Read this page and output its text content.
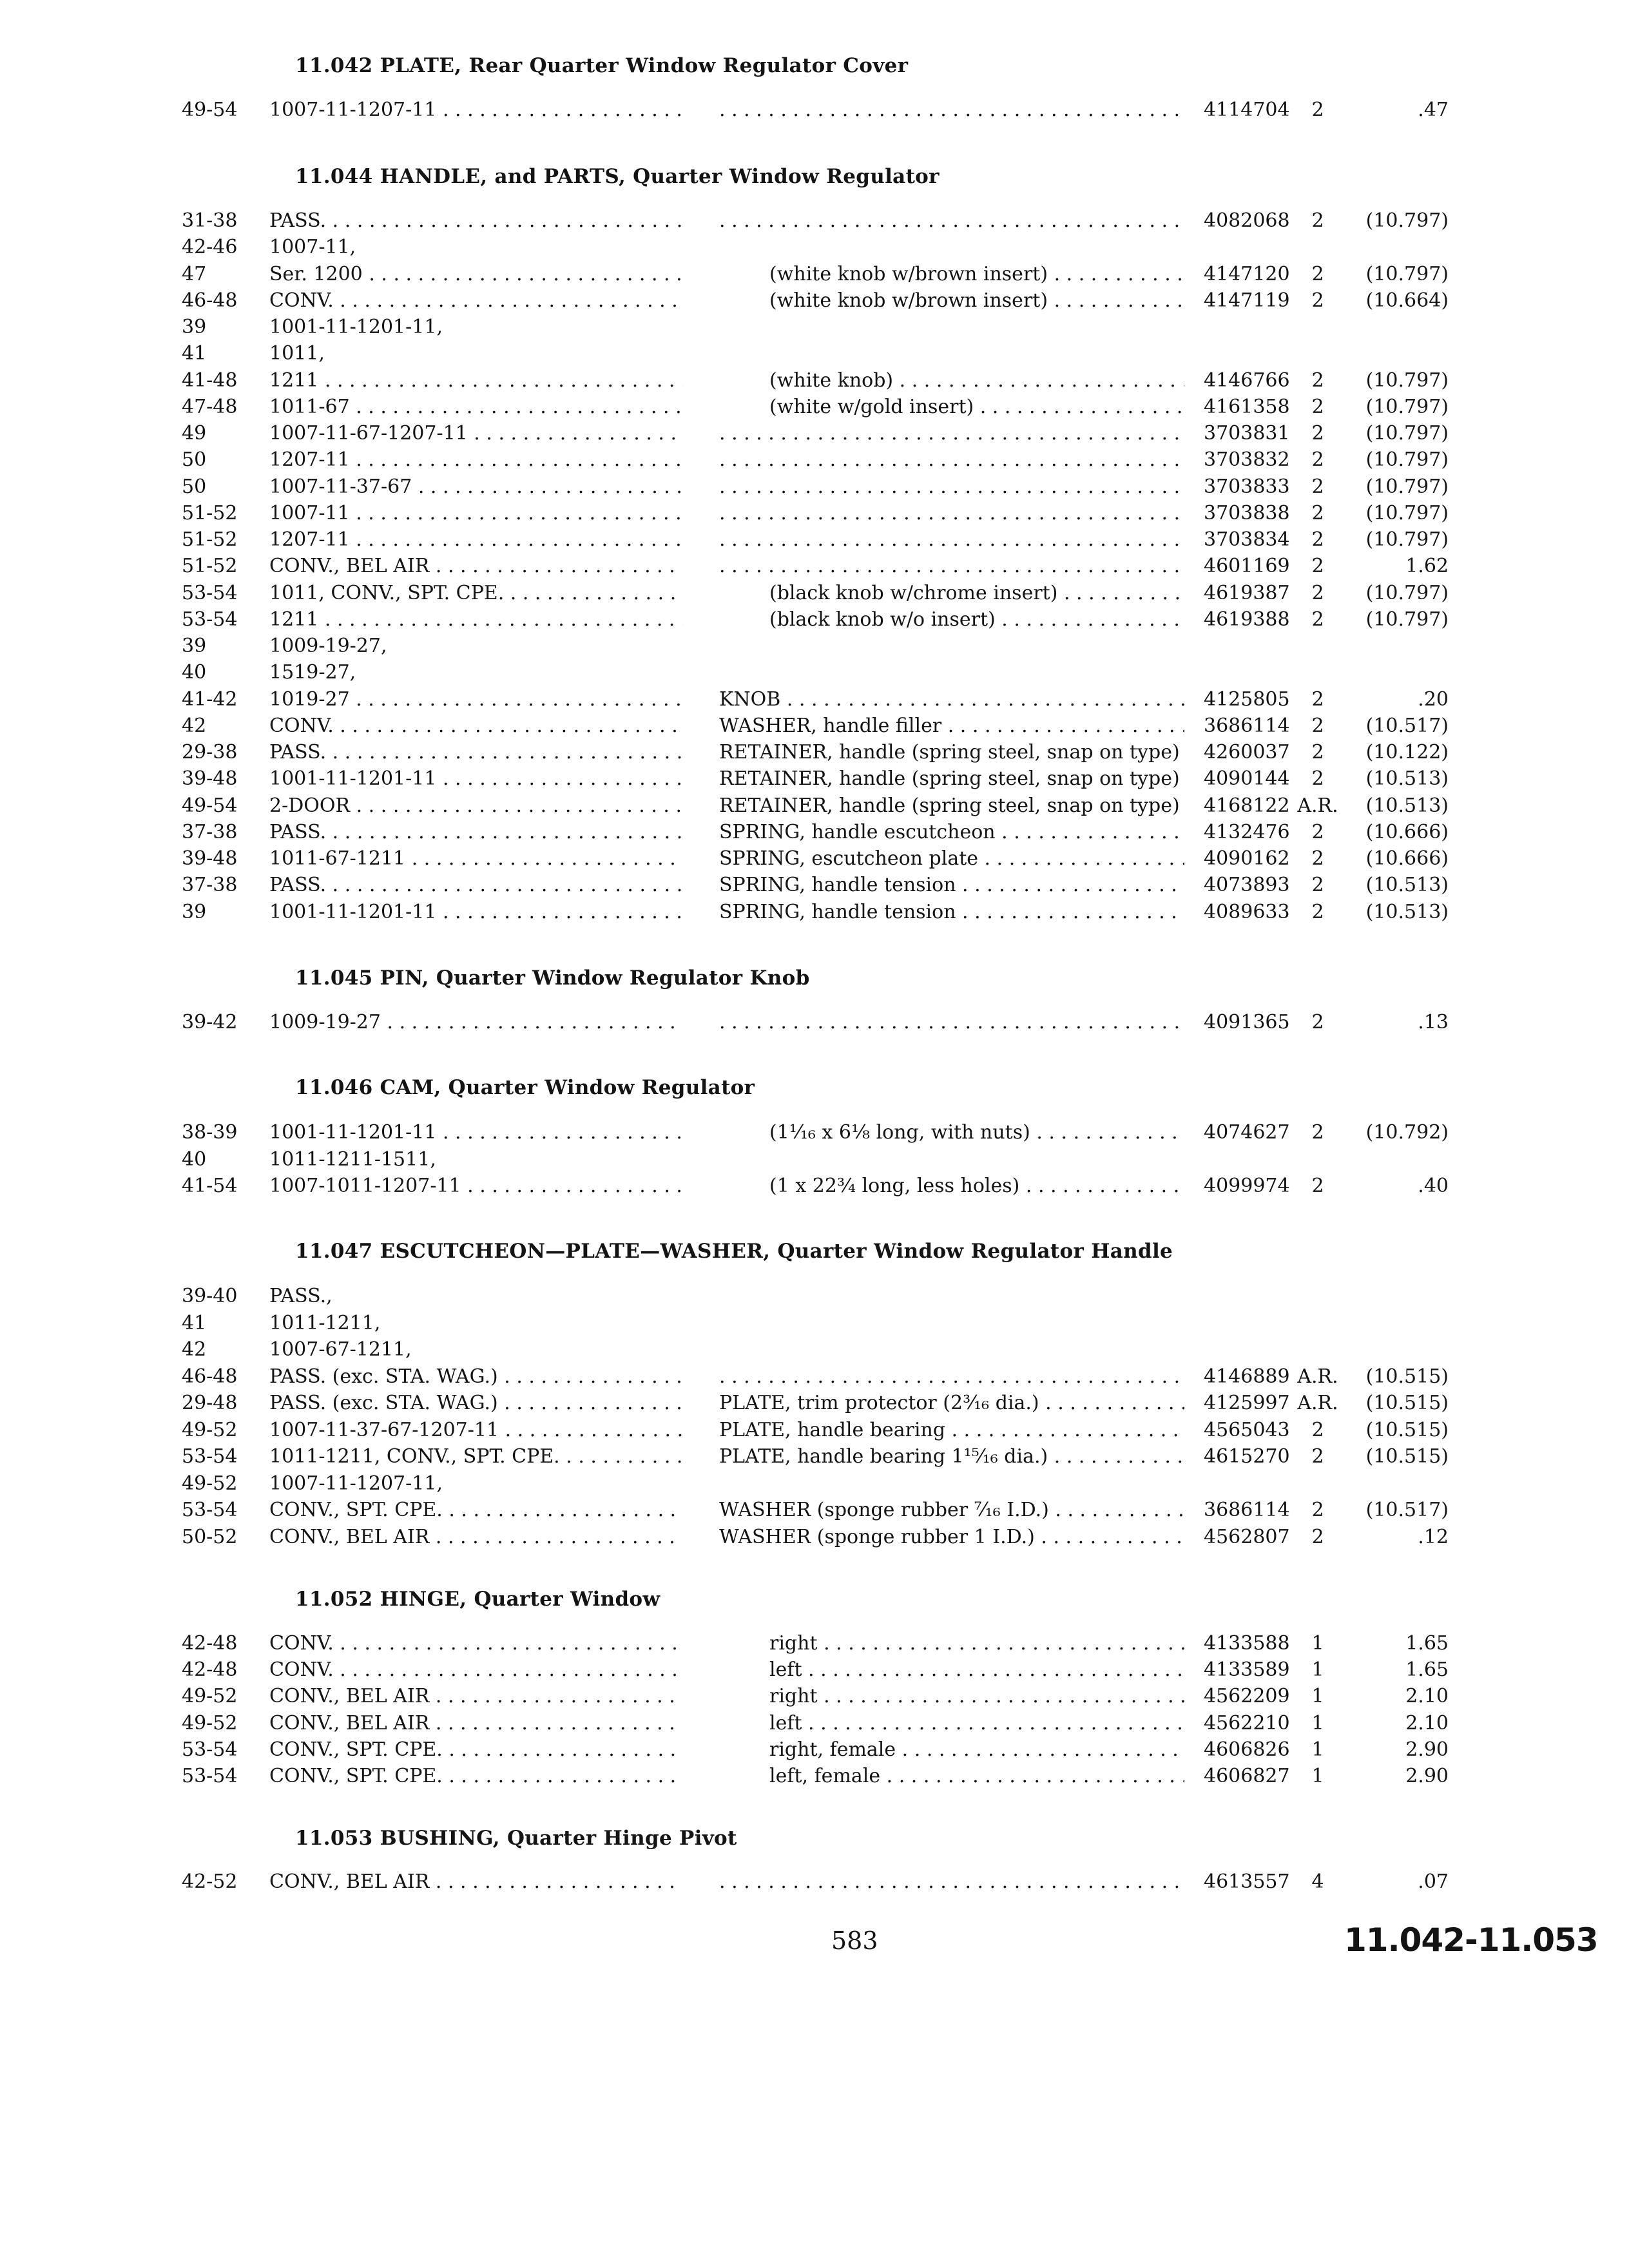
11.042 PLATE, Rear Quarter Window Regulator Cover
49-54 1007-11-1207-11 . . . . . .	4114704	2	.47
11.044 HANDLE, and PARTS, Quarter Window Regulator
31-38 PASS. . . . . . .	4082068	2	(10.797)
42-46 1007-11,
47	Ser. 1200 . . .	(white knob w/brown insert) . . .	4147120	2	(10.797)
46-48 CONV. . . .	(white knob w/brown insert) . . .	4147119	2	(10.664)
39	1001-11-1201-11,
41	1011,
41-48 1211 . . .	(white knob) . . .	4146766	2	(10.797)
47-48 1011-67 . . .	(white w/gold insert) . . .	4161358	2	(10.797)
49	1007-11-67-1207-11 . . . . . .	3703831	2	(10.797)
50	1207-11 . . . . . .	3703832	2	(10.797)
50	1007-11-37-67 . . . . . .	3703833	2	(10.797)
51-52 1007-11 . . . . . .	3703838	2	(10.797)
51-52 1207-11 . . . . . .	3703834	2	(10.797)
51-52 CONV., BEL AIR . . . . . .	4601169	2	1.62
53-54 1011, CONV., SPT. CPE. . . .	(black knob w/chrome insert) . . .	4619387	2	(10.797)
53-54 1211 . . .	(black knob w/o insert) . . .	4619388	2	(10.797)
39	1009-19-27,
40	1519-27,
41-42 1019-27 . . .	KNOB . . .	4125805	2	.20
42	CONV. . . .	WASHER, handle filler . . .	3686114	2	(10.517)
29-38 PASS. . . .	RETAINER, handle (spring steel, snap on type) . . . 4260037	2	(10.122)
39-48 1001-11-1201-11 . . .	RETAINER, handle (spring steel, snap on type) . . . 4090144	2	(10.513)
49-54 2-DOOR . . .	RETAINER, handle (spring steel, snap on type) . . . 4168122 A.R.	(10.513)
37-38 PASS. . . .	SPRING, handle escutcheon . . .	4132476	2	(10.666)
39-48 1011-67-1211 . . .	SPRING, escutcheon plate . . .	4090162	2	(10.666)
37-38 PASS. . . .	SPRING, handle tension . . .	4073893	2	(10.513)
39	1001-11-1201-11 . . .	SPRING, handle tension . . .	4089633	2	(10.513)
11.045 PIN, Quarter Window Regulator Knob
39-42 1009-19-27 . . . . . .	4091365	2	.13
11.046 CAM, Quarter Window Regulator
38-39 1001-11-1201-11 . . .	(1¹⁄₁₆ x 6⅛ long, with nuts) . . .	4074627	2	(10.792)
40	1011-1211-1511,
41-54 1007-1011-1207-11 . . .	(1 x 22¾ long, less holes) . . .	4099974	2	.40
11.047 ESCUTCHEON—PLATE—WASHER, Quarter Window Regulator Handle
39-40 PASS.,
41	1011-1211,
42	1007-67-1211,
46-48 PASS. (exc. STA. WAG.) . . . . . .	4146889 A.R.	(10.515)
29-48 PASS. (exc. STA. WAG.) . . .	PLATE, trim protector (2³⁄₁₆ dia.) . . .	4125997 A.R.	(10.515)
49-52 1007-11-37-67-1207-11 . . .	PLATE, handle bearing . . .	4565043	2	(10.515)
53-54 1011-1211, CONV., SPT. CPE. . . .	PLATE, handle bearing 1¹⁵⁄₁₆ dia.) . . .	4615270	2	(10.515)
49-52 1007-11-1207-11,
53-54 CONV., SPT. CPE. . . .	WASHER (sponge rubber ⁷⁄₁₆ I.D.) . . .	3686114	2	(10.517)
50-52 CONV., BEL AIR . . .	WASHER (sponge rubber 1 I.D.) . . .	4562807	2	.12
11.052 HINGE, Quarter Window
42-48 CONV. . . .	right . . .	4133588	1	1.65
42-48 CONV. . . .	left . . .	4133589	1	1.65
49-52 CONV., BEL AIR . . .	right . . .	4562209	1	2.10
49-52 CONV., BEL AIR . . .	left . . .	4562210	1	2.10
53-54 CONV., SPT. CPE. . . .	right, female . . .	4606826	1	2.90
53-54 CONV., SPT. CPE. . . .	left, female . . .	4606827	1	2.90
11.053 BUSHING, Quarter Hinge Pivot
42-52 CONV., BEL AIR . . . . . .	4613557	4	.07
583	11.042-11.053
